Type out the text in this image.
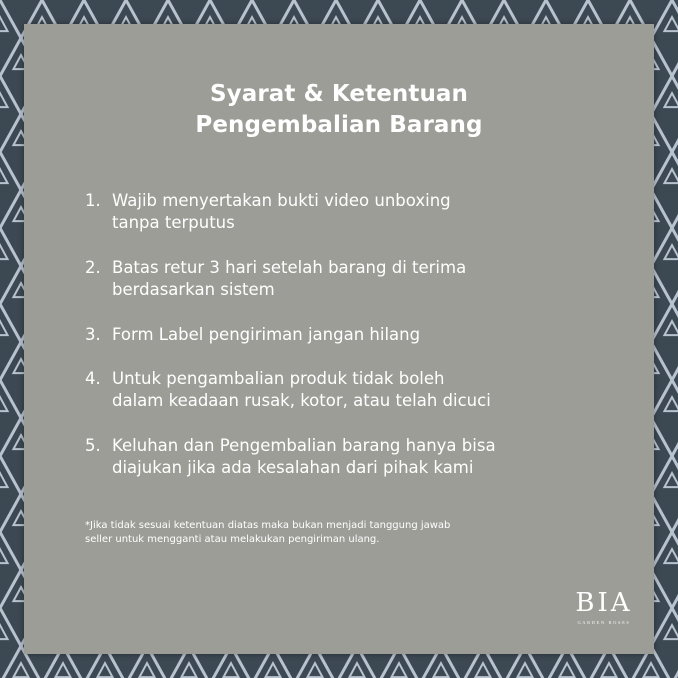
Syarat & Ketentuan
Pengembalian Barang
1. Wajib menyertakan bukti video unboxing
tanpa terputus
2. Batas retur 3 hari setelah barang di terima
berdasarkan sistem
3. Form Label pengiriman jangan hilang
4. Untuk pengambalian produk tidak boleh
dalam keadaan rusak, kotor, atau telah dicuci
5. Keluhan dan Pengembalian barang hanya bisa
diajukan jika ada kesalahan dari pihak kami
*Jika tidak sesuai ketentuan diatas maka bukan menjadi tanggung jawab
seller untuk mengganti atau melakukan pengiriman ulang.
BIA
GARDEN ROSES
